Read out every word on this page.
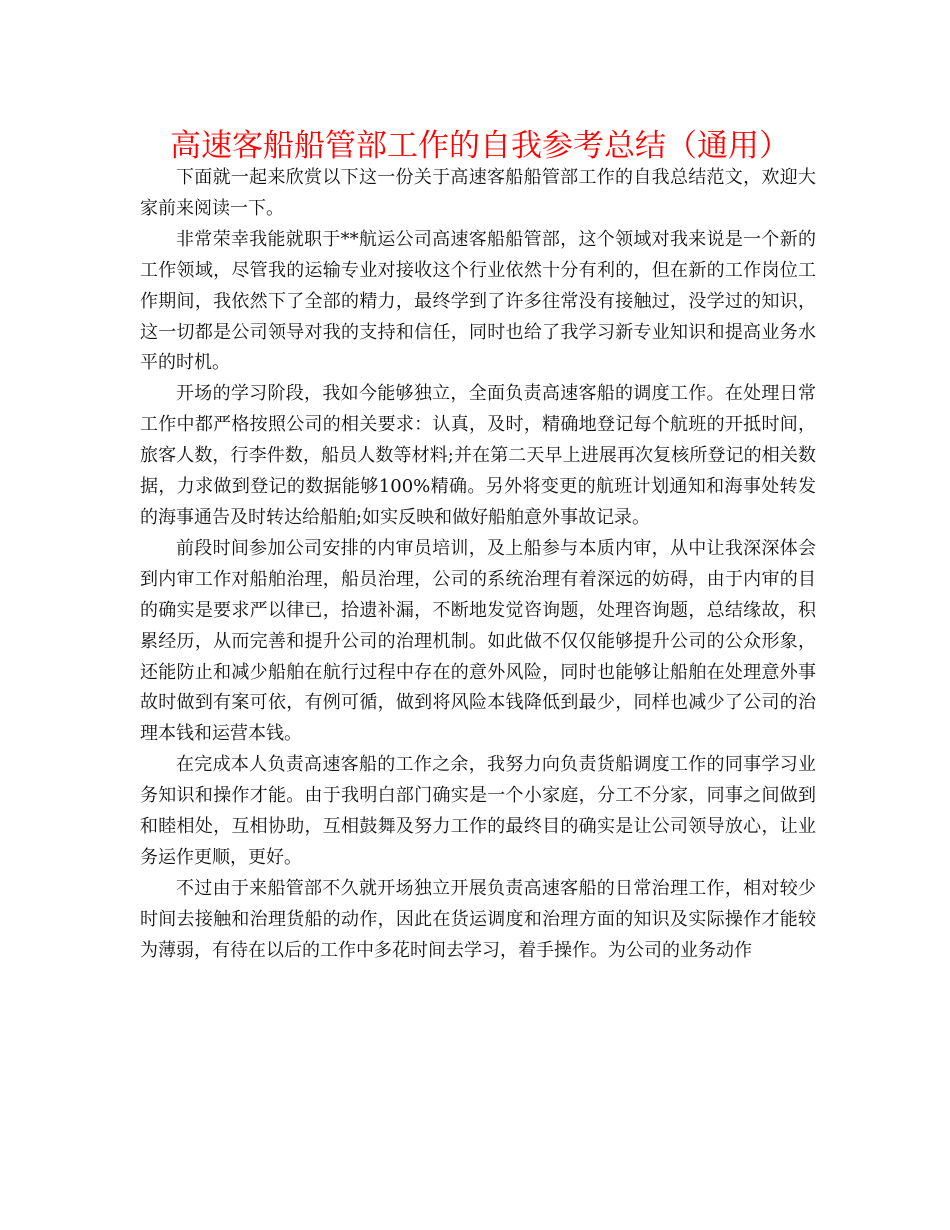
高速客船船管部工作的自我参考总结（通用）

下面就一起来欣赏以下这一份关于高速客船船管部工作的自我总结范文，欢迎大家前来阅读一下。

非常荣幸我能就职于**航运公司高速客船船管部，这个领域对我来说是一个新的工作领域，尽管我的运输专业对接收这个行业依然十分有利的，但在新的工作岗位工作期间，我依然下了全部的精力，最终学到了许多往常没有接触过，没学过的知识，这一切都是公司领导对我的支持和信任，同时也给了我学习新专业知识和提高业务水平的时机。

开场的学习阶段，我如今能够独立，全面负责高速客船的调度工作。在处理日常工作中都严格按照公司的相关要求：认真，及时，精确地登记每个航班的开抵时间，旅客人数，行李件数，船员人数等材料;并在第二天早上进展再次复核所登记的相关数据，力求做到登记的数据能够100%精确。另外将变更的航班计划通知和海事处转发的海事通告及时转达给船舶;如实反映和做好船舶意外事故记录。

前段时间参加公司安排的内审员培训，及上船参与本质内审，从中让我深深体会到内审工作对船舶治理，船员治理，公司的系统治理有着深远的妨碍，由于内审的目的确实是要求严以律已，拾遗补漏，不断地发觉咨询题，处理咨询题，总结缘故，积累经历，从而完善和提升公司的治理机制。如此做不仅仅能够提升公司的公众形象，还能防止和减少船舶在航行过程中存在的意外风险，同时也能够让船舶在处理意外事故时做到有案可依，有例可循，做到将风险本钱降低到最少，同样也减少了公司的治理本钱和运营本钱。

在完成本人负责高速客船的工作之余，我努力向负责货船调度工作的同事学习业务知识和操作才能。由于我明白部门确实是一个小家庭，分工不分家，同事之间做到和睦相处，互相协助，互相鼓舞及努力工作的最终目的确实是让公司领导放心，让业务运作更顺，更好。

不过由于来船管部不久就开场独立开展负责高速客船的日常治理工作，相对较少时间去接触和治理货船的动作，因此在货运调度和治理方面的知识及实际操作才能较为薄弱，有待在以后的工作中多花时间去学习，着手操作。为公司的业务动作
